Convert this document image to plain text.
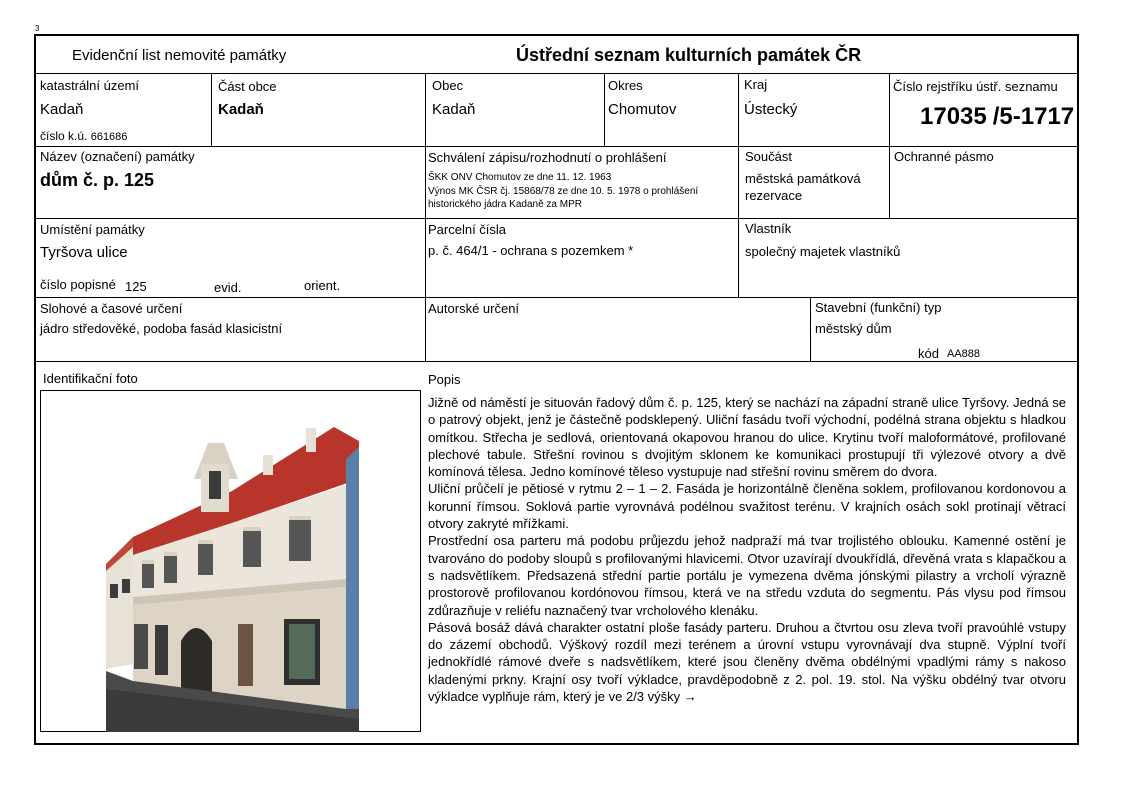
3
Evidenční list nemovité památky	Ústřední seznam kulturních památek ČR
katastrální území
Kadaň
číslo k.ú. 661686
Část obce
Kadaň
Obec
Kadaň
Okres
Chomutov
Kraj
Ústecký
Číslo rejstříku ústř. seznamu
17035 /5-1717
Název (označení) památky
dům č. p. 125
Schválení zápisu/rozhodnutí o prohlášení
ŠKK ONV Chomutov ze dne 11. 12. 1963
Výnos MK ČSR čj. 15868/78 ze dne 10. 5. 1978 o prohlášení
historického jádra Kadaně za MPR
Součást
městská památková
rezervace
Ochranné pásmo
Umístění památky
Tyršova ulice
číslo popisné 125	evid.	orient.
Parcelní čísla
p. č. 464/1 - ochrana s pozemkem *
Vlastník
společný majetek vlastníků
Slohové a časové určení
jádro středověké, podoba fasád klasicistní
Autorské určení	Stavební (funkční) typ
městský dům
kód AA888
Identifikační foto	Popis

Jižně od náměstí je situován řadový dům č. p. 125, který se nachází na západní straně ulice Tyršovy. Jedná se o patrový objekt, jenž je částečně podsklepený. Uliční fasádu tvoří východní, podélná strana objektu s hladkou omítkou. Střecha je sedlová, orientovaná okapovou hranou do ulice. Krytinu tvoří maloformátové, profilované plechové tabule. Střešní rovinou s dvojitým sklonem ke komunikaci prostupují tři výlezové otvory a dvě komínová tělesa. Jedno komínové těleso vystupuje nad střešní rovinu směrem do dvora.

Uliční průčelí je pětiosé v rytmu 2 – 1 – 2. Fasáda je horizontálně členěna soklem, profilovanou kordonovou a korunní římsou. Soklová partie vyrovnává podélnou svažitost terénu. V krajních osách sokl protínají větrací otvory zakryté mřížkami.

Prostřední osa parteru má podobu průjezdu jehož nadpraží má tvar trojlistého oblouku. Kamenné ostění je tvarováno do podoby sloupů s profilovanými hlavicemi. Otvor uzavírají dvoukřídlá, dřevěná vrata s klapačkou a s nadsvětlíkem. Předsazená střední partie portálu je vymezena dvěma jónskými pilastry a vrcholí výrazně prostorově profilovanou kordónovou římsou, která ve na středu vzduta do segmentu. Pás vlysu pod římsou zdůrazňuje v reliéfu naznačený tvar vrcholového klenáku.

Pásová bosáž dává charakter ostatní ploše fasády parteru. Druhou a čtvrtou osu zleva tvoří pravoúhlé vstupy do zázemí obchodů. Výškový rozdíl mezi terénem a úrovní vstupu vyrovnávají dva stupně. Výplní tvoří jednokřídlé rámové dveře s nadsvětlíkem, které jsou členěny dvěma obdélnými vpadlými rámy s nakoso kladenými prkny. Krajní osy tvoří výkladce, pravděpodobně z 2. pol. 19. stol. Na výšku obdélný tvar otvoru výkladce vyplňuje rám, který je ve 2/3 výšky →
